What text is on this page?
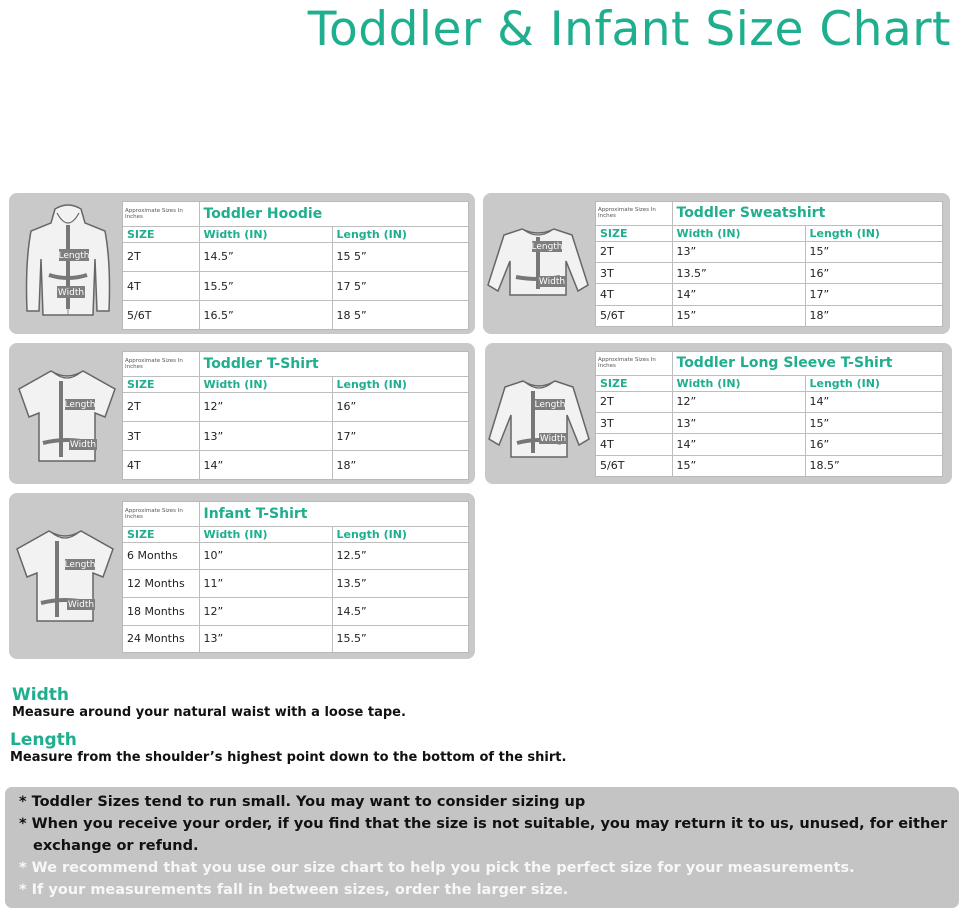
Toddler & Infant Size Chart
Length
Width
Approximate Sizes In Inches	Toddler Hoodie	
SIZE	Width (IN)	Length (IN)
2T	14.5”	15 5”
4T	15.5”	17 5”
5/6T	16.5”	18 5”
Length
Width
Approximate Sizes In Inches	Toddler Sweatshirt	
SIZE	Width (IN)	Length (IN)
2T	13”	15”
3T	13.5”	16”
4T	14”	17”
5/6T	15”	18”
Length
Width
Approximate Sizes In Inches	Toddler T-Shirt	
SIZE	Width (IN)	Length (IN)
2T	12”	16”
3T	13”	17”
4T	14”	18”
Length
Width
Approximate Sizes In Inches	Toddler Long Sleeve T-Shirt	
SIZE	Width (IN)	Length (IN)
2T	12”	14”
3T	13”	15”
4T	14”	16”
5/6T	15”	18.5”
Length
Width
Approximate Sizes In Inches	Infant T-Shirt	
SIZE	Width (IN)	Length (IN)
6 Months	10”	12.5”
12 Months	11”	13.5”
18 Months	12”	14.5”
24 Months	13”	15.5”

Width

Measure around your natural waist with a loose tape.

Length

Measure from the shoulder’s highest point down to the bottom of the shirt.

* Toddler Sizes tend to run small. You may want to consider sizing up
* When you receive your order, if you find that the size is not suitable, you may return it to us, unused, for either
exchange or refund.
* We recommend that you use our size chart to help you pick the perfect size for your measurements.
* If your measurements fall in between sizes, order the larger size.
